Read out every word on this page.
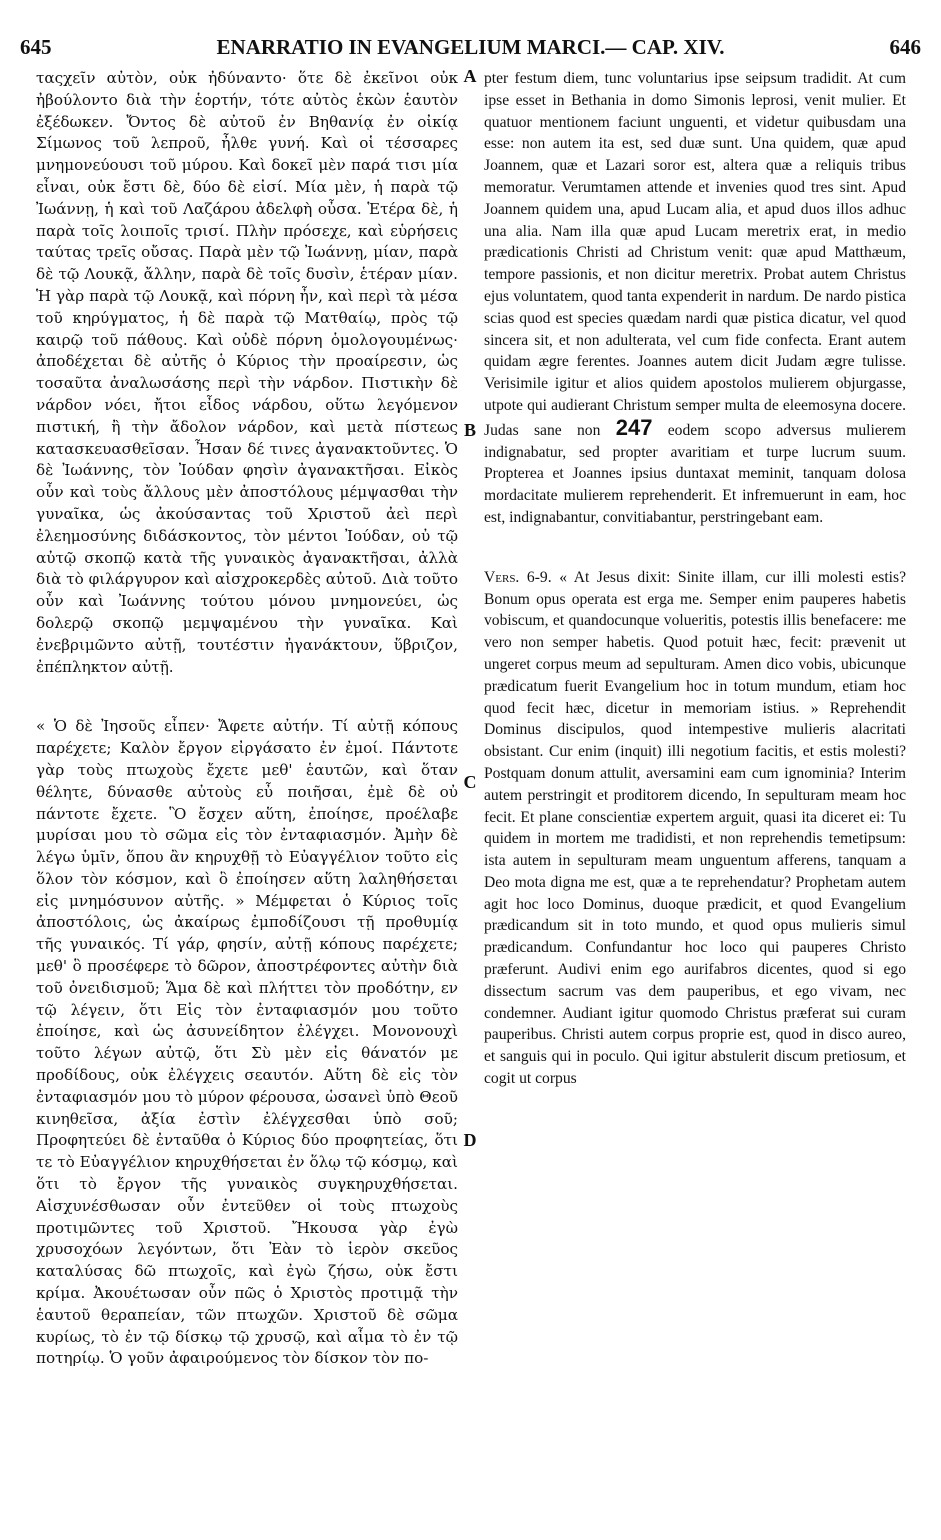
645	ENARRATIO IN EVANGELIUM MARCI.— CAP. XIV.	646

ταςχεῖν αὐτὸν, οὐκ ἠδύναντο· ὅτε δὲ ἐκεῖνοι οὐκ ἠβούλοντο διὰ τὴν ἑορτήν, τότε αὐτὸς ἑκὼν ἑαυτὸν ἐξέδωκεν. Ὄντος δὲ αὐτοῦ ἐν Βηθανίᾳ ἐν οἰκίᾳ Σίμωνος τοῦ λεπροῦ, ἦλθε γυνή. Καὶ οἱ τέσσαρες μνημονεύουσι τοῦ μύρου. Καὶ δοκεῖ μὲν παρά τισι μία εἶναι, οὐκ ἔστι δὲ, δύο δὲ εἰσί. Μία μὲν, ἡ παρὰ τῷ Ἰωάννῃ, ἡ καὶ τοῦ Λαζάρου ἀδελφὴ οὖσα. Ἑτέρα δὲ, ἡ παρὰ τοῖς λοιποῖς τρισί. Πλὴν πρόσεχε, καὶ εὑρήσεις ταύτας τρεῖς οὔσας. Παρὰ μὲν τῷ Ἰωάννῃ, μίαν, παρὰ δὲ τῷ Λουκᾷ, ἄλλην, παρὰ δὲ τοῖς δυσὶν, ἑτέραν μίαν. Ἡ γὰρ παρὰ τῷ Λουκᾷ, καὶ πόρνη ἦν, καὶ περὶ τὰ μέσα τοῦ κηρύγματος, ἡ δὲ παρὰ τῷ Ματθαίῳ, πρὸς τῷ καιρῷ τοῦ πάθους. Καὶ οὐδὲ πόρνη ὁμολογουμένως· ἀποδέχεται δὲ αὐτῆς ὁ Κύριος τὴν προαίρεσιν, ὡς τοσαῦτα ἀναλωσάσης περὶ τὴν νάρδον. Πιστικὴν δὲ νάρδον νόει, ἤτοι εἶδος νάρδου, οὕτω λεγόμενον πιστική, ἢ τὴν ἄδολον νάρδον, καὶ μετὰ πίστεως κατασκευασθεῖσαν. Ἦσαν δέ τινες ἀγανακτοῦντες. Ὁ δὲ Ἰωάννης, τὸν Ἰούδαν φησὶν ἀγανακτῆσαι. Εἰκὸς οὖν καὶ τοὺς ἄλλους μὲν ἀποστόλους μέμψασθαι τὴν γυναῖκα, ὡς ἀκούσαντας τοῦ Χριστοῦ ἀεὶ περὶ ἐλεημοσύνης διδάσκοντος, τὸν μέντοι Ἰούδαν, οὐ τῷ αὐτῷ σκοπῷ κατὰ τῆς γυναικὸς ἀγανακτῆσαι, ἀλλὰ διὰ τὸ φιλάργυρον καὶ αἰσχροκερδὲς αὐτοῦ. Διὰ τοῦτο οὖν καὶ Ἰωάννης τούτου μόνου μνημονεύει, ὡς δολερῷ σκοπῷ μεμψαμένου τὴν γυναῖκα. Καὶ ἐνεβριμῶντο αὐτῇ, τουτέστιν ἠγανάκτουν, ὕβριζον, ἐπέπληκτον αὐτῇ.

« Ὁ δὲ Ἰησοῦς εἶπεν· Ἄφετε αὐτήν. Τί αὐτῇ κόπους παρέχετε; Καλὸν ἔργον εἰργάσατο ἐν ἐμοί. Πάντοτε γὰρ τοὺς πτωχοὺς ἔχετε μεθ' ἑαυτῶν, καὶ ὅταν θέλητε, δύνασθε αὐτοὺς εὖ ποιῆσαι, ἐμὲ δὲ οὐ πάντοτε ἔχετε. Ὃ ἔσχεν αὕτη, ἐποίησε, προέλαβε μυρίσαι μου τὸ σῶμα εἰς τὸν ἐνταφιασμόν. Ἀμὴν δὲ λέγω ὑμῖν, ὅπου ἂν κηρυχθῇ τὸ Εὐαγγέλιον τοῦτο εἰς ὅλον τὸν κόσμον, καὶ ὃ ἐποίησεν αὕτη λαληθήσεται εἰς μνημόσυνον αὐτῆς. » Μέμφεται ὁ Κύριος τοῖς ἀποστόλοις, ὡς ἀκαίρως ἐμποδίζουσι τῇ προθυμίᾳ τῆς γυναικός. Τί γάρ, φησίν, αὐτῇ κόπους παρέχετε; μεθ' ὃ προσέφερε τὸ δῶρον, ἀποστρέφοντες αὐτὴν διὰ τοῦ ὀνειδισμοῦ; Ἅμα δὲ καὶ πλήττει τὸν προδότην, εν τῷ λέγειν, ὅτι Εἰς τὸν ἐνταφιασμόν μου τοῦτο ἐποίησε, καὶ ὡς ἀσυνείδητον ἐλέγχει. Μονονουχὶ τοῦτο λέγων αὐτῷ, ὅτι Σὺ μὲν εἰς θάνατόν με προδίδους, οὐκ ἐλέγχεις σεαυτόν. Αὕτη δὲ εἰς τὸν ἐνταφιασμόν μου τὸ μύρον φέρουσα, ὡσανεὶ ὑπὸ Θεοῦ κινηθεῖσα, ἀξία ἐστὶν ἐλέγχεσθαι ὑπὸ σοῦ; Προφητεύει δὲ ἐνταῦθα ὁ Κύριος δύο προφητείας, ὅτι τε τὸ Εὐαγγέλιον κηρυχθήσεται ἐν ὅλῳ τῷ κόσμῳ, καὶ ὅτι τὸ ἔργον τῆς γυναικὸς συγκηρυχθήσεται. Αἰσχυνέσθωσαν οὖν ἐντεῦθεν οἱ τοὺς πτωχοὺς προτιμῶντες τοῦ Χριστοῦ. Ἤκουσα γὰρ ἐγὼ χρυσοχόων λεγόντων, ὅτι Ἐὰν τὸ ἱερὸν σκεῦος καταλύσας δῶ πτωχοῖς, καὶ ἐγὼ ζήσω, οὐκ ἔστι κρίμα. Ἀκουέτωσαν οὖν πῶς ὁ Χριστὸς προτιμᾷ τὴν ἑαυτοῦ θεραπείαν, τῶν πτωχῶν. Χριστοῦ δὲ σῶμα κυρίως, τὸ ἐν τῷ δίσκῳ τῷ χρυσῷ, καὶ αἷμα τὸ ἐν τῷ ποτηρίῳ. Ὁ γοῦν ἀφαιρούμενος τὸν δίσκον τὸν πο-

A
B
C
D

pter festum diem, tunc voluntarius ipse seipsum tradidit. At cum ipse esset in Bethania in domo Simonis leprosi, venit mulier. Et quatuor mentionem faciunt unguenti, et videtur quibusdam una esse: non autem ita est, sed duæ sunt. Una quidem, quæ apud Joannem, quæ et Lazari soror est, altera quæ a reliquis tribus memoratur. Verumtamen attende et invenies quod tres sint. Apud Joannem quidem una, apud Lucam alia, et apud duos illos adhuc una alia. Nam illa quæ apud Lucam meretrix erat, in medio prædicationis Christi ad Christum venit: quæ apud Matthæum, tempore passionis, et non dicitur meretrix. Probat autem Christus ejus voluntatem, quod tanta expenderit in nardum. De nardo pistica scias quod est species quædam nardi quæ pistica dicatur, vel quod sincera sit, et non adulterata, vel cum fide confecta. Erant autem quidam ægre ferentes. Joannes autem dicit Judam ægre tulisse. Verisimile igitur et alios quidem apostolos mulierem objurgasse, utpote qui audierant Christum semper multa de eleemosyna docere. Judas sane non 247 eodem scopo adversus mulierem indignabatur, sed propter avaritiam et turpe lucrum suum. Propterea et Joannes ipsius duntaxat meminit, tanquam dolosa mordacitate mulierem reprehenderit. Et infremuerunt in eam, hoc est, indignabantur, convitiabantur, perstringebant eam.

Vers. 6-9. « At Jesus dixit: Sinite illam, cur illi molesti estis? Bonum opus operata est erga me. Semper enim pauperes habetis vobiscum, et quandocunque volueritis, potestis illis benefacere: me vero non semper habetis. Quod potuit hæc, fecit: prævenit ut ungeret corpus meum ad sepulturam. Amen dico vobis, ubicunque prædicatum fuerit Evangelium hoc in totum mundum, etiam hoc quod fecit hæc, dicetur in memoriam istius. » Reprehendit Dominus discipulos, quod intempestive mulieris alacritati obsistant. Cur enim (inquit) illi negotium facitis, et estis molesti? Postquam donum attulit, aversamini eam cum ignominia? Interim autem perstringit et proditorem dicendo, In sepulturam meam hoc fecit. Et plane conscientiæ expertem arguit, quasi ita diceret ei: Tu quidem in mortem me tradidisti, et non reprehendis temetipsum: ista autem in sepulturam meam unguentum afferens, tanquam a Deo mota digna me est, quæ a te reprehendatur? Prophetam autem agit hoc loco Dominus, duoque prædicit, et quod Evangelium prædicandum sit in toto mundo, et quod opus mulieris simul prædicandum. Confundantur hoc loco qui pauperes Christo præferunt. Audivi enim ego aurifabros dicentes, quod si ego dissectum sacrum vas dem pauperibus, et ego vivam, nec condemner. Audiant igitur quomodo Christus præferat sui curam pauperibus. Christi autem corpus proprie est, quod in disco aureo, et sanguis qui in poculo. Qui igitur abstulerit discum pretiosum, et cogit ut corpus
